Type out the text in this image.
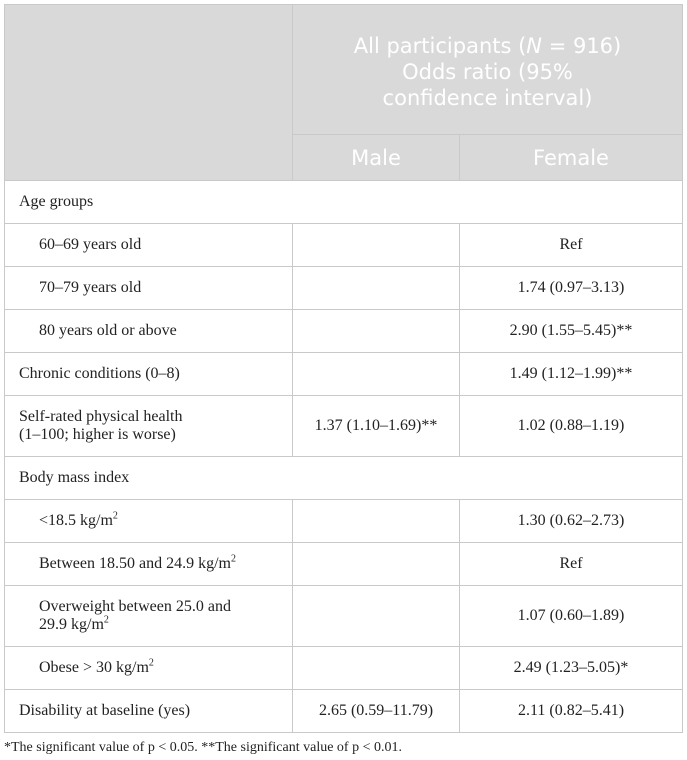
	All participants (N = 916)
Odds ratio (95%
confidence interval)	
	Male	Female
Age groups		
60–69 years old		Ref
70–79 years old		1.74 (0.97–3.13)
80 years old or above		2.90 (1.55–5.45)**
Chronic conditions (0–8)		1.49 (1.12–1.99)**
Self-rated physical health
(1–100; higher is worse)	1.37 (1.10–1.69)**	1.02 (0.88–1.19)
Body mass index		
<18.5 $kg/m^2$		1.30 (0.62–2.73)
Between 18.50 and 24.9 $kg/m^2$		Ref
Overweight between 25.0 and
29.9 $kg/m^2$		1.07 (0.60–1.89)
Obese > 30 $kg/m^2$		2.49 (1.23–5.05)*
Disability at baseline (yes)	2.65 (0.59–11.79)	2.11 (0.82–5.41)
*The significant value of p < 0.05. **The significant value of p < 0.01.
